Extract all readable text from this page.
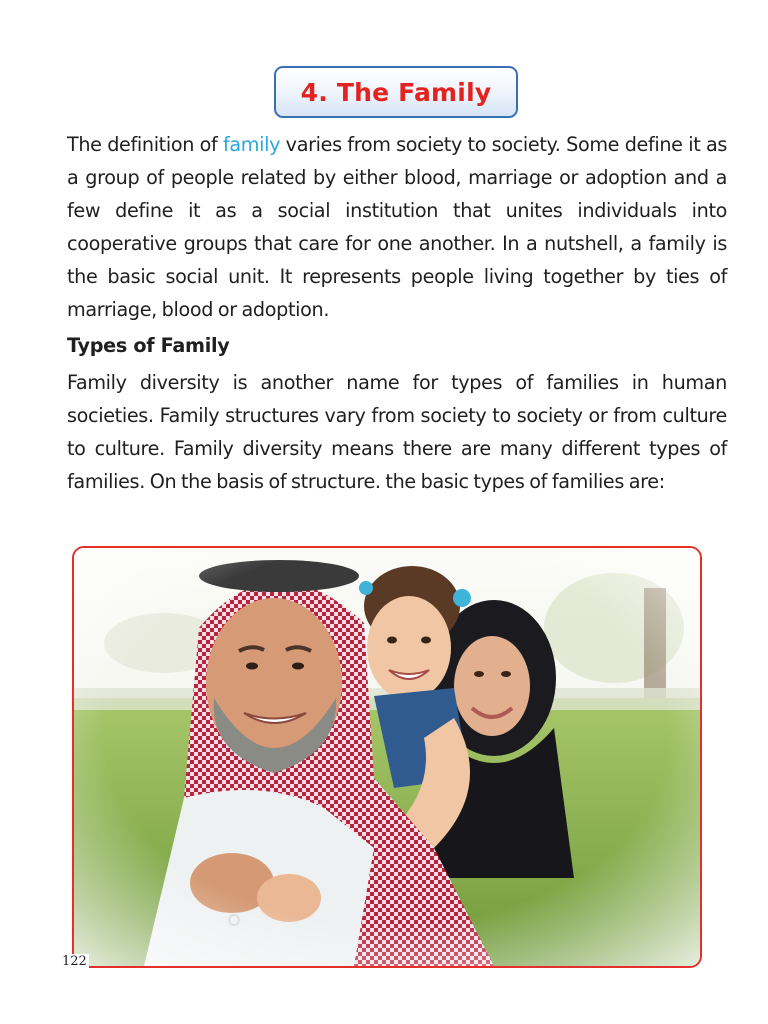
4. The Family

The definition of family varies from society to society. Some define it as a group of people related by either blood, marriage or adoption and a few define it as a social institution that unites individuals into cooperative groups that care for one another. In a nutshell, a family is the basic social unit. It represents people living together by ties of marriage, blood or adoption.

Types of Family

Family diversity is another name for types of families in human societies. Family structures vary from society to society or from culture to culture. Family diversity means there are many different types of families. On the basis of structure. the basic types of families are:

122
